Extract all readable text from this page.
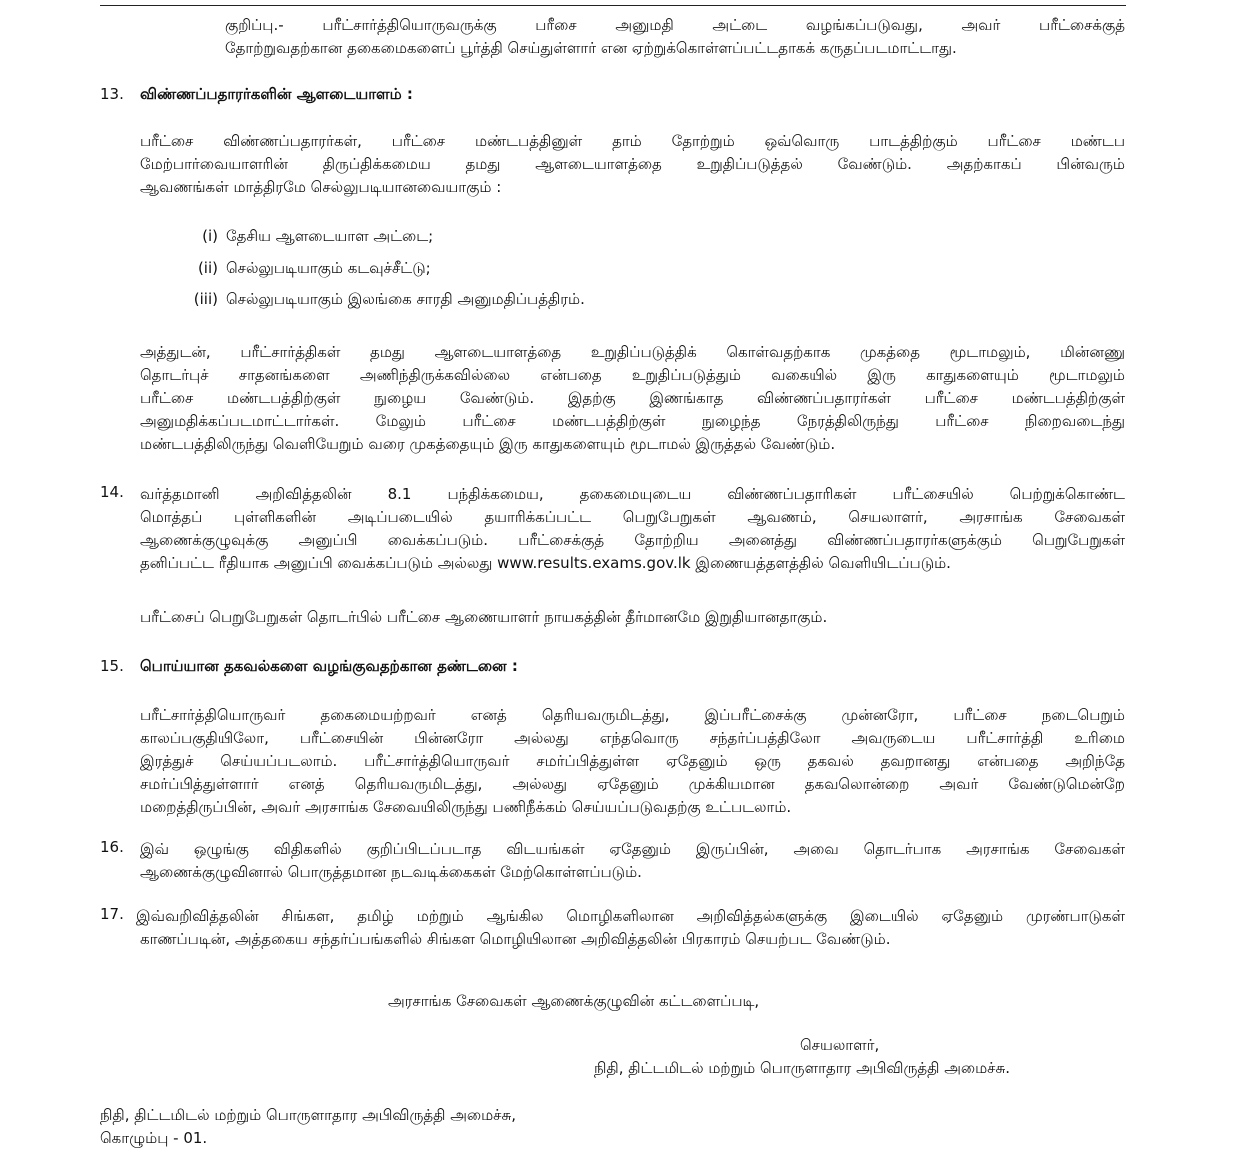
குறிப்பு.- பரீட்சார்த்தியொருவருக்கு பரீசை அனுமதி அட்டை வழங்கப்படுவது, அவர் பரீட்சைக்குத்

தோற்றுவதற்கான தகைமைகளைப் பூர்த்தி செய்துள்ளார் என ஏற்றுக்கொள்ளப்பட்டதாகக் கருதப்படமாட்டாது.

13. விண்ணப்பதாரர்களின் ஆளடையாளம் :

பரீட்சை விண்ணப்பதாரர்கள், பரீட்சை மண்டபத்தினுள் தாம் தோற்றும் ஒவ்வொரு பாடத்திற்கும் பரீட்சை மண்டப

மேற்பார்வையாளரின் திருப்திக்கமைய தமது ஆளடையாளத்தை உறுதிப்படுத்தல் வேண்டும். அதற்காகப் பின்வரும்

ஆவணங்கள் மாத்திரமே செல்லுபடியானவையாகும் :

(i) தேசிய ஆளடையாள அட்டை;
(ii) செல்லுபடியாகும் கடவுச்சீட்டு;
(iii) செல்லுபடியாகும் இலங்கை சாரதி அனுமதிப்பத்திரம்.

அத்துடன், பரீட்சார்த்திகள் தமது ஆளடையாளத்தை உறுதிப்படுத்திக் கொள்வதற்காக முகத்தை மூடாமலும், மின்னணு

தொடர்புச் சாதனங்களை அணிந்திருக்கவில்லை என்பதை உறுதிப்படுத்தும் வகையில் இரு காதுகளையும் மூடாமலும்

பரீட்சை மண்டபத்திற்குள் நுழைய வேண்டும். இதற்கு இணங்காத விண்ணப்பதாரர்கள் பரீட்சை மண்டபத்திற்குள்

அனுமதிக்கப்படமாட்டார்கள். மேலும் பரீட்சை மண்டபத்திற்குள் நுழைந்த நேரத்திலிருந்து பரீட்சை நிறைவடைந்து

மண்டபத்திலிருந்து வெளியேறும் வரை முகத்தையும் இரு காதுகளையும் மூடாமல் இருத்தல் வேண்டும்.

14. வர்த்தமானி அறிவித்தலின் 8.1 பந்திக்கமைய, தகைமையுடைய விண்ணப்பதாரிகள் பரீட்சையில் பெற்றுக்கொண்ட

மொத்தப் புள்ளிகளின் அடிப்படையில் தயாரிக்கப்பட்ட பெறுபேறுகள் ஆவணம், செயலாளர், அரசாங்க சேவைகள்

ஆணைக்குழுவுக்கு அனுப்பி வைக்கப்படும். பரீட்சைக்குத் தோற்றிய அனைத்து விண்ணப்பதாரர்களுக்கும் பெறுபேறுகள்

தனிப்பட்ட ரீதியாக அனுப்பி வைக்கப்படும் அல்லது www.results.exams.gov.lk இணையத்தளத்தில் வெளியிடப்படும்.

பரீட்சைப் பெறுபேறுகள் தொடர்பில் பரீட்சை ஆணையாளர் நாயகத்தின் தீர்மானமே இறுதியானதாகும்.
15. பொய்யான தகவல்களை வழங்குவதற்கான தண்டனை :

பரீட்சார்த்தியொருவர் தகைமையற்றவர் எனத் தெரியவருமிடத்து, இப்பரீட்சைக்கு முன்னரோ, பரீட்சை நடைபெறும்

காலப்பகுதியிலோ, பரீட்சையின் பின்னரோ அல்லது எந்தவொரு சந்தர்ப்பத்திலோ அவருடைய பரீட்சார்த்தி உரிமை

இரத்துச் செய்யப்படலாம். பரீட்சார்த்தியொருவர் சமர்ப்பித்துள்ள ஏதேனும் ஒரு தகவல் தவறானது என்பதை அறிந்தே

சமர்ப்பித்துள்ளார் எனத் தெரியவருமிடத்து, அல்லது ஏதேனும் முக்கியமான தகவலொன்றை அவர் வேண்டுமென்றே

மறைத்திருப்பின், அவர் அரசாங்க சேவையிலிருந்து பணிநீக்கம் செய்யப்படுவதற்கு உட்படலாம்.

16. இவ் ஒழுங்கு விதிகளில் குறிப்பிடப்படாத விடயங்கள் ஏதேனும் இருப்பின், அவை தொடர்பாக அரசாங்க சேவைகள்

ஆணைக்குழுவினால் பொருத்தமான நடவடிக்கைகள் மேற்கொள்ளப்படும்.

17. இவ்வறிவித்தலின் சிங்கள, தமிழ் மற்றும் ஆங்கில மொழிகளிலான அறிவித்தல்களுக்கு இடையில் ஏதேனும் முரண்பாடுகள்

காணப்படின், அத்தகைய சந்தர்ப்பங்களில் சிங்கள மொழியிலான அறிவித்தலின் பிரகாரம் செயற்பட வேண்டும்.

அரசாங்க சேவைகள் ஆணைக்குழுவின் கட்டளைப்படி,
செயலாளர்,
நிதி, திட்டமிடல் மற்றும் பொருளாதார அபிவிருத்தி அமைச்சு.
நிதி, திட்டமிடல் மற்றும் பொருளாதார அபிவிருத்தி அமைச்சு,
கொழும்பு - 01.
